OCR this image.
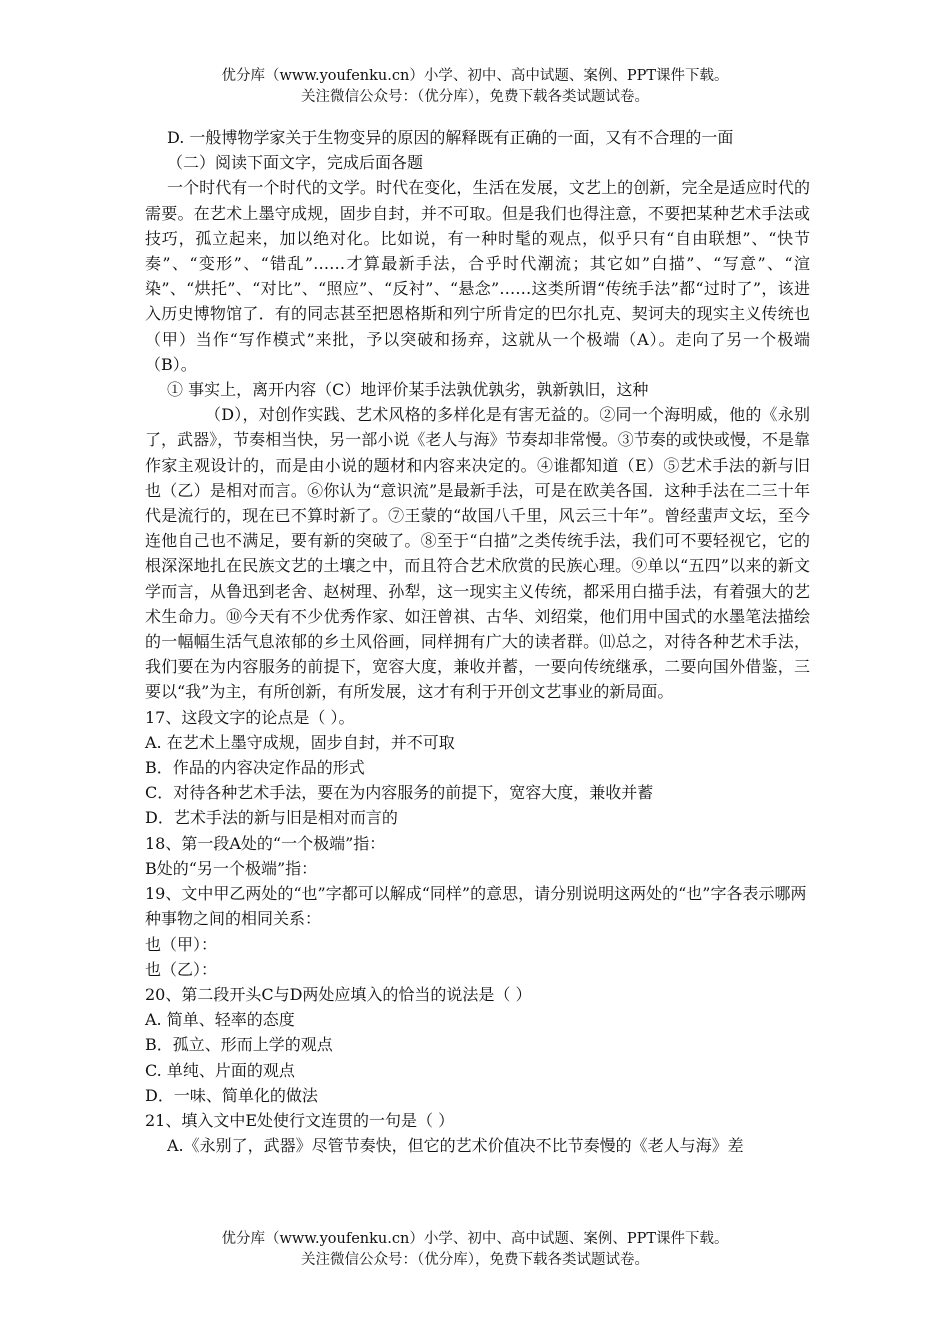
优分库（www.youfenku.cn）小学、初中、高中试题、案例、PPT课件下载。
关注微信公众号：（优分库），免费下载各类试题试卷。

D. 一般博物学家关于生物变异的原因的解释既有正确的一面，又有不合理的一面

（二）阅读下面文字，完成后面各题

一个时代有一个时代的文学。时代在变化，生活在发展，文艺上的创新，完全是适应时代的需要。在艺术上墨守成规，固步自封，并不可取。但是我们也得注意，不要把某种艺术手法或技巧，孤立起来，加以绝对化。比如说，有一种时髦的观点，似乎只有“自由联想”、“快节奏”、“变形”、“错乱”……才算最新手法，合乎时代潮流；其它如”白描”、“写意”、“渲染”、“烘托”、“对比”、“照应”、“反衬”、“悬念”……这类所谓“传统手法”都“过时了”，该进入历史博物馆了．有的同志甚至把恩格斯和列宁所肯定的巴尔扎克、契诃夫的现实主义传统也（甲）当作“写作模式”来批，予以突破和扬弃，这就从一个极端（A）。走向了另一个极端（B）。

① 事实上，离开内容（C）地评价某手法孰优孰劣，孰新孰旧，这种

（D），对创作实践、艺术风格的多样化是有害无益的。②同一个海明威，他的《永别了，武器》，节奏相当快，另一部小说《老人与海》节奏却非常慢。③节奏的或快或慢，不是靠作家主观设计的，而是由小说的题材和内容来决定的。④谁都知道（E）⑤艺术手法的新与旧也（乙）是相对而言。⑥你认为“意识流”是最新手法，可是在欧美各国．这种手法在二三十年代是流行的，现在已不算时新了。⑦王蒙的“故国八千里，风云三十年”。曾经蜚声文坛，至今连他自己也不满足，要有新的突破了。⑧至于“白描”之类传统手法，我们可不要轻视它，它的根深深地扎在民族文艺的土壤之中，而且符合艺术欣赏的民族心理。⑨单以“五四”以来的新文学而言，从鲁迅到老舍、赵树理、孙犁，这一现实主义传统，都采用白描手法，有着强大的艺术生命力。⑩今天有不少优秀作家、如汪曾祺、古华、刘绍棠，他们用中国式的水墨笔法描绘的一幅幅生活气息浓郁的乡土风俗画，同样拥有广大的读者群。⑾总之，对待各种艺术手法，我们要在为内容服务的前提下，宽容大度，兼收并蓄，一要向传统继承，二要向国外借鉴，三要以“我”为主，有所创新，有所发展，这才有利于开创文艺事业的新局面。

17、这段文字的论点是（ ）。

A. 在艺术上墨守成规，固步自封，并不可取

B．作品的内容决定作品的形式

C．对待各种艺术手法，要在为内容服务的前提下，宽容大度，兼收并蓄

D．艺术手法的新与旧是相对而言的

18、第一段A处的“一个极端”指：

B处的“另一个极端”指：

19、文中甲乙两处的“也”字都可以解成“同样”的意思，请分别说明这两处的“也”字各表示哪两种事物之间的相同关系：

也（甲）：

也（乙）：

20、第二段开头C与D两处应填入的恰当的说法是（ ）

A. 简单、轻率的态度

B．孤立、形而上学的观点

C. 单纯、片面的观点

D．一味、简单化的做法

21、填入文中E处使行文连贯的一句是（ ）

A.《永别了，武器》尽管节奏快，但它的艺术价值决不比节奏慢的《老人与海》差

优分库（www.youfenku.cn）小学、初中、高中试题、案例、PPT课件下载。
关注微信公众号：（优分库），免费下载各类试题试卷。
